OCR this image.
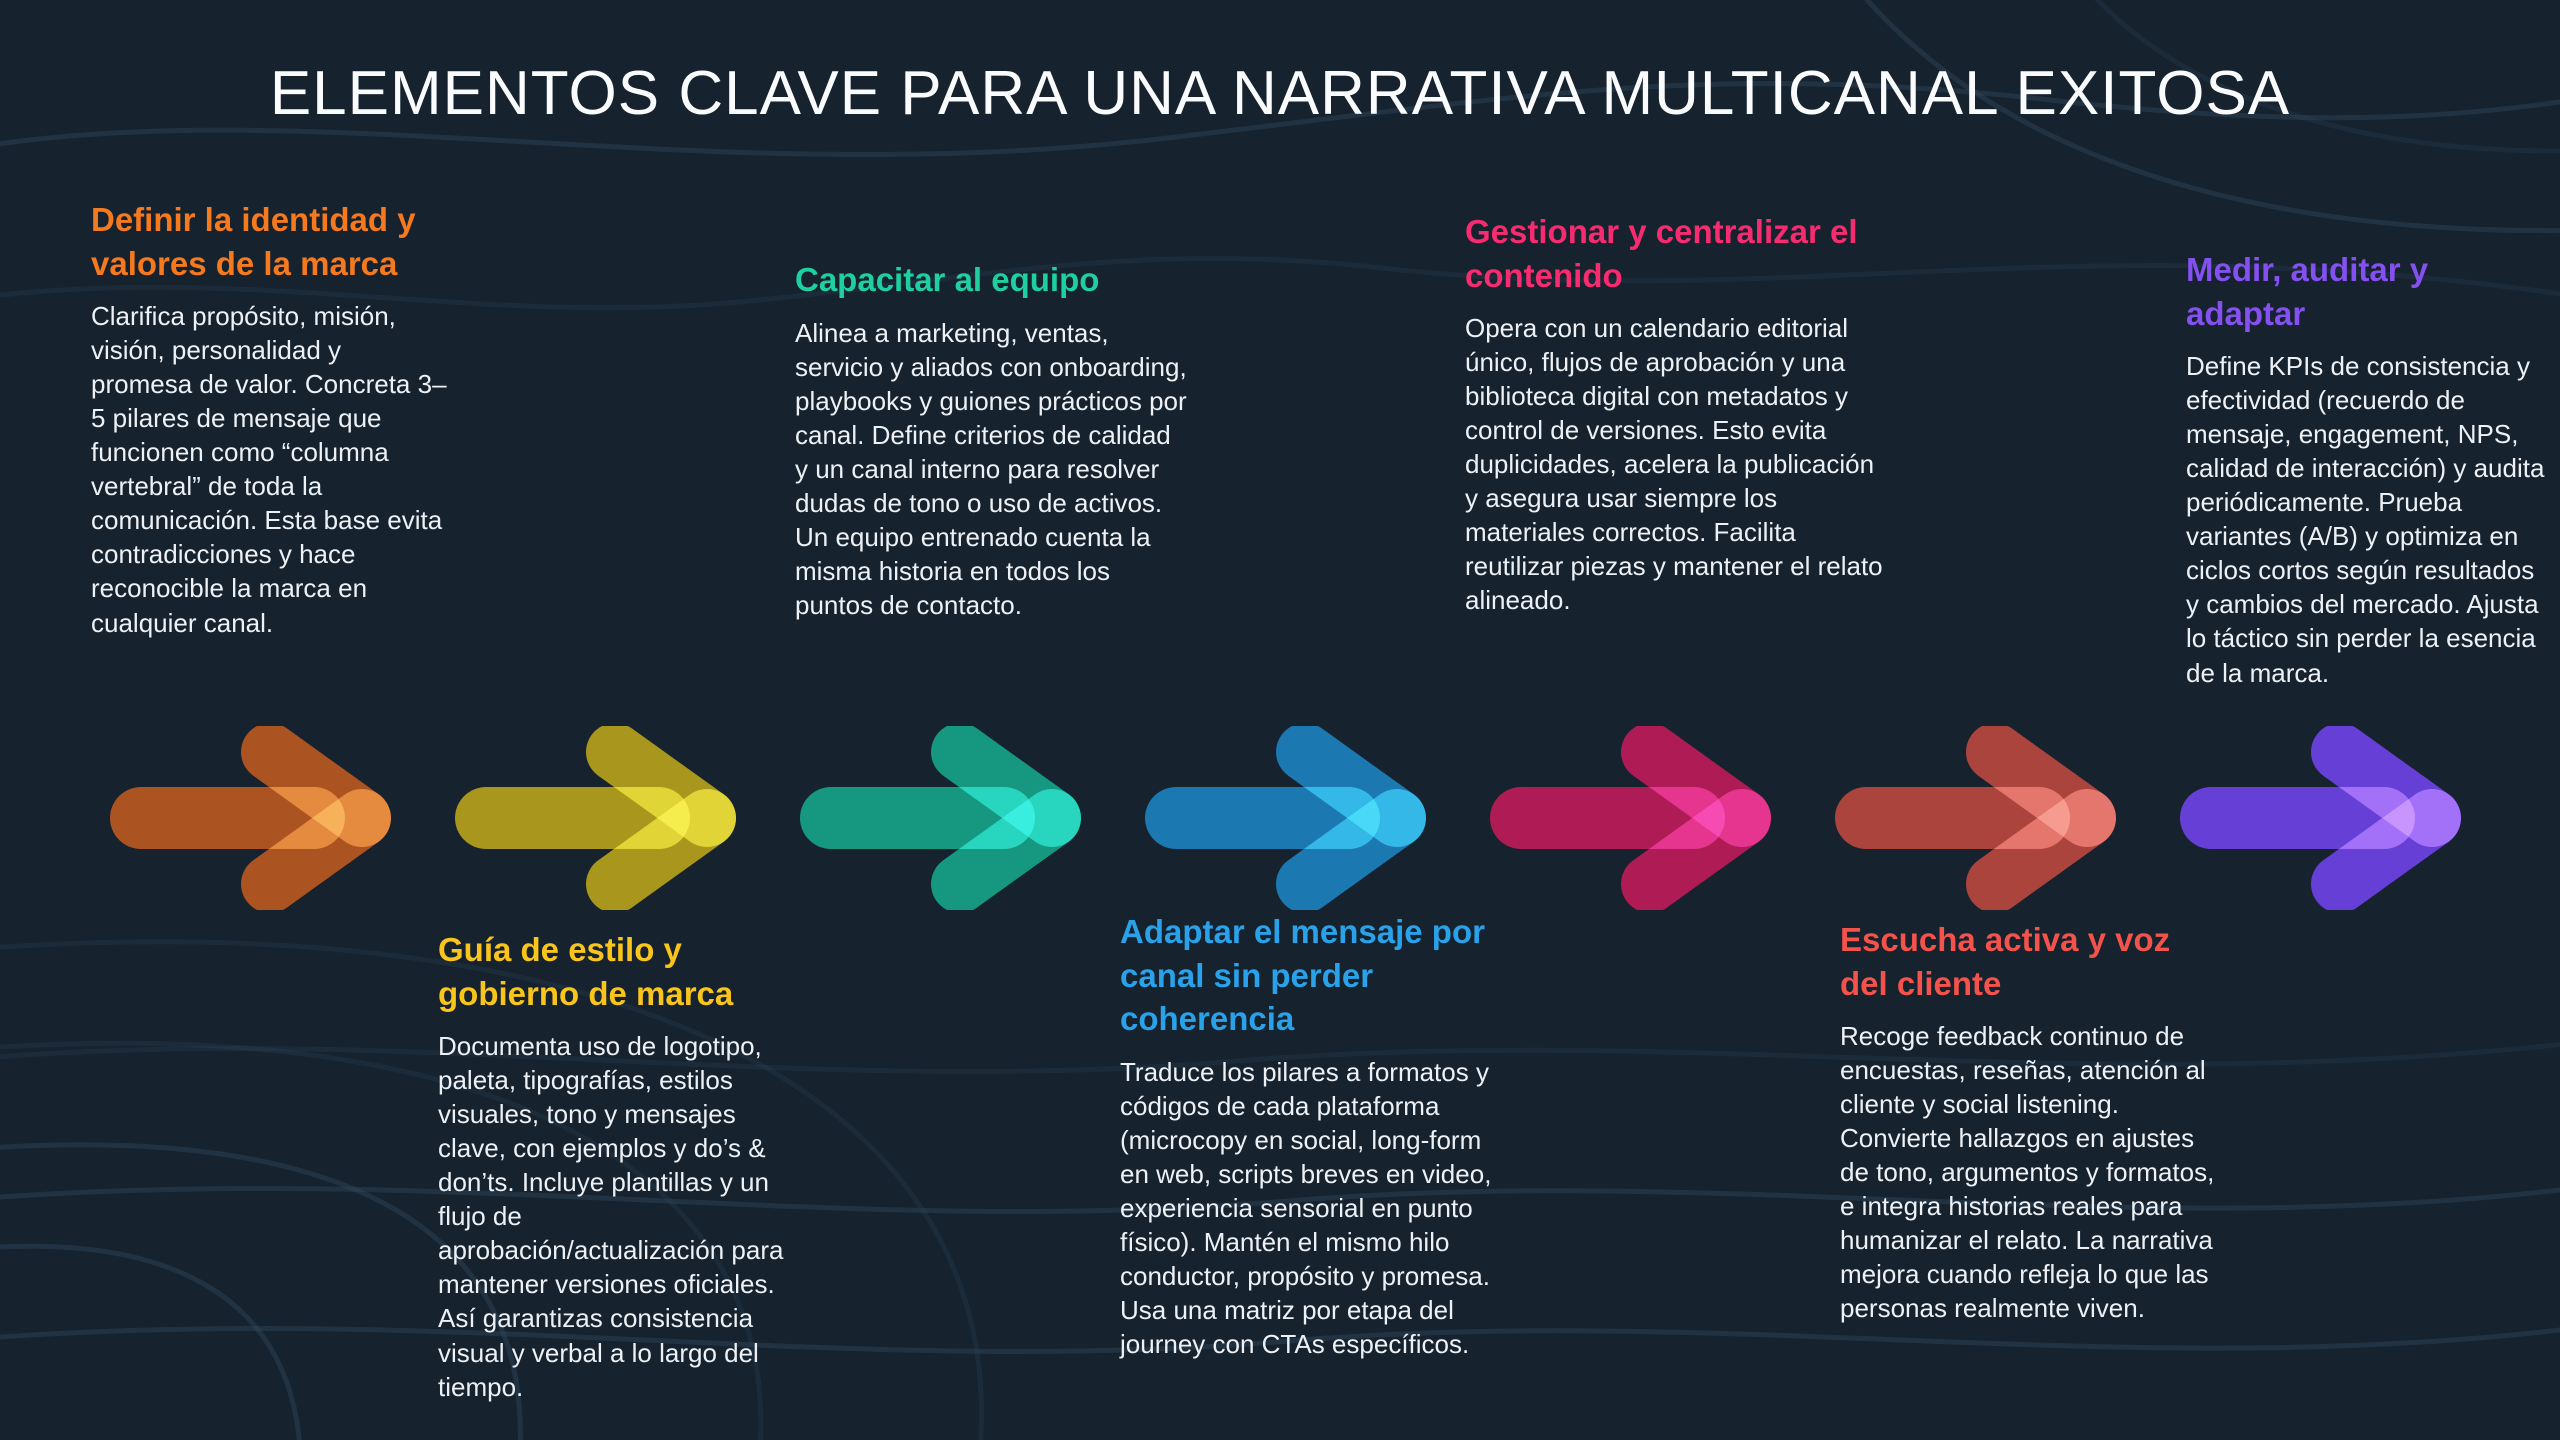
ELEMENTOS CLAVE PARA UNA NARRATIVA MULTICANAL EXITOSA
Definir la identidad y valores de la marca

Clarifica propósito, misión, visión, personalidad y promesa de valor. Concreta 3–5 pilares de mensaje que funcionen como “columna vertebral” de toda la comunicación. Esta base evita contradicciones y hace reconocible la marca en cualquier canal.

Guía de estilo y gobierno de marca

Documenta uso de logotipo, paleta, tipografías, estilos visuales, tono y mensajes clave, con ejemplos y do’s & don’ts. Incluye plantillas y un flujo de aprobación/actualización para mantener versiones oficiales. Así garantizas consistencia visual y verbal a lo largo del tiempo.

Capacitar al equipo

Alinea a marketing, ventas, servicio y aliados con onboarding, playbooks y guiones prácticos por canal. Define criterios de calidad y un canal interno para resolver dudas de tono o uso de activos. Un equipo entrenado cuenta la misma historia en todos los puntos de contacto.

Adaptar el mensaje por canal sin perder coherencia

Traduce los pilares a formatos y códigos de cada plataforma (microcopy en social, long-form en web, scripts breves en video, experiencia sensorial en punto físico). Mantén el mismo hilo conductor, propósito y promesa. Usa una matriz por etapa del journey con CTAs específicos.

Gestionar y centralizar el contenido

Opera con un calendario editorial único, flujos de aprobación y una biblioteca digital con metadatos y control de versiones. Esto evita duplicidades, acelera la publicación y asegura usar siempre los materiales correctos. Facilita reutilizar piezas y mantener el relato alineado.

Escucha activa y voz del cliente

Recoge feedback continuo de encuestas, reseñas, atención al cliente y social listening. Convierte hallazgos en ajustes de tono, argumentos y formatos, e integra historias reales para humanizar el relato. La narrativa mejora cuando refleja lo que las personas realmente viven.

Medir, auditar y adaptar

Define KPIs de consistencia y efectividad (recuerdo de mensaje, engagement, NPS, calidad de interacción) y audita periódicamente. Prueba variantes (A/B) y optimiza en ciclos cortos según resultados y cambios del mercado. Ajusta lo táctico sin perder la esencia de la marca.
